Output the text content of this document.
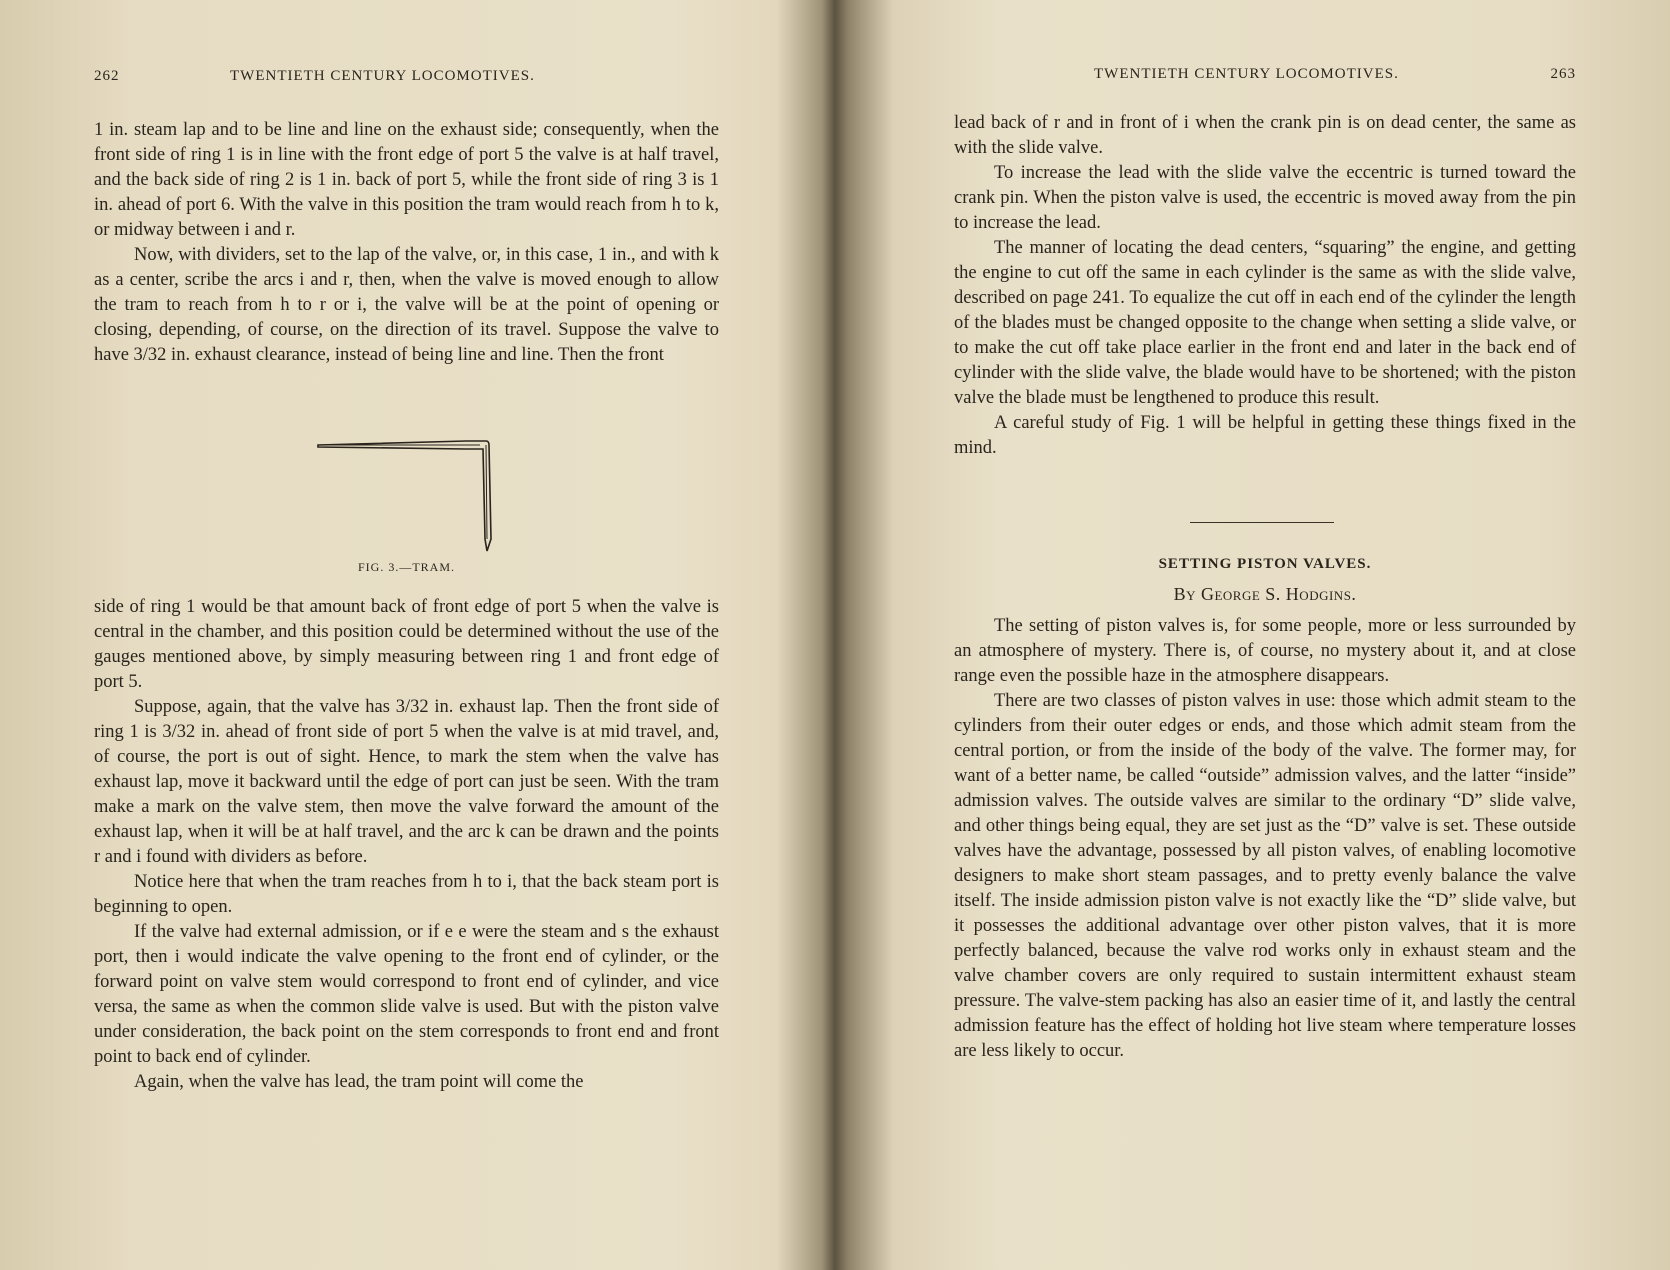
262	TWENTIETH CENTURY LOCOMOTIVES.

1 in. steam lap and to be line and line on the exhaust side; consequently, when the front side of ring 1 is in line with the front edge of port 5 the valve is at half travel, and the back side of ring 2 is 1 in. back of port 5, while the front side of ring 3 is 1 in. ahead of port 6. With the valve in this position the tram would reach from h to k, or midway between i and r.

Now, with dividers, set to the lap of the valve, or, in this case, 1 in., and with k as a center, scribe the arcs i and r, then, when the valve is moved enough to allow the tram to reach from h to r or i, the valve will be at the point of opening or closing, depending, of course, on the direction of its travel. Suppose the valve to have 3/32 in. exhaust clearance, instead of being line and line. Then the front

FIG. 3.—TRAM.

side of ring 1 would be that amount back of front edge of port 5 when the valve is central in the chamber, and this position could be determined without the use of the gauges mentioned above, by simply measuring between ring 1 and front edge of port 5.

Suppose, again, that the valve has 3/32 in. exhaust lap. Then the front side of ring 1 is 3/32 in. ahead of front side of port 5 when the valve is at mid travel, and, of course, the port is out of sight. Hence, to mark the stem when the valve has exhaust lap, move it backward until the edge of port can just be seen. With the tram make a mark on the valve stem, then move the valve forward the amount of the exhaust lap, when it will be at half travel, and the arc k can be drawn and the points r and i found with dividers as before.

Notice here that when the tram reaches from h to i, that the back steam port is beginning to open.

If the valve had external admission, or if e e were the steam and s the exhaust port, then i would indicate the valve opening to the front end of cylinder, or the forward point on valve stem would correspond to front end of cylinder, and vice versa, the same as when the common slide valve is used. But with the piston valve under consideration, the back point on the stem corresponds to front end and front point to back end of cylinder.

Again, when the valve has lead, the tram point will come the

TWENTIETH CENTURY LOCOMOTIVES.	263

lead back of r and in front of i when the crank pin is on dead center, the same as with the slide valve.

To increase the lead with the slide valve the eccentric is turned toward the crank pin. When the piston valve is used, the eccentric is moved away from the pin to increase the lead.

The manner of locating the dead centers, “squaring” the engine, and getting the engine to cut off the same in each cylinder is the same as with the slide valve, described on page 241. To equalize the cut off in each end of the cylinder the length of the blades must be changed opposite to the change when setting a slide valve, or to make the cut off take place earlier in the front end and later in the back end of cylinder with the slide valve, the blade would have to be shortened; with the piston valve the blade must be lengthened to produce this result.

A careful study of Fig. 1 will be helpful in getting these things fixed in the mind.

SETTING PISTON VALVES.
By George S. Hodgins.

The setting of piston valves is, for some people, more or less surrounded by an atmosphere of mystery. There is, of course, no mystery about it, and at close range even the possible haze in the atmosphere disappears.

There are two classes of piston valves in use: those which admit steam to the cylinders from their outer edges or ends, and those which admit steam from the central portion, or from the inside of the body of the valve. The former may, for want of a better name, be called “outside” admission valves, and the latter “inside” admission valves. The outside valves are similar to the ordinary “D” slide valve, and other things being equal, they are set just as the “D” valve is set. These outside valves have the advantage, possessed by all piston valves, of enabling locomotive designers to make short steam passages, and to pretty evenly balance the valve itself. The inside admission piston valve is not exactly like the “D” slide valve, but it possesses the additional advantage over other piston valves, that it is more perfectly balanced, because the valve rod works only in exhaust steam and the valve chamber covers are only required to sustain intermittent exhaust steam pressure. The valve-stem packing has also an easier time of it, and lastly the central admission feature has the effect of holding hot live steam where temperature losses are less likely to occur.
